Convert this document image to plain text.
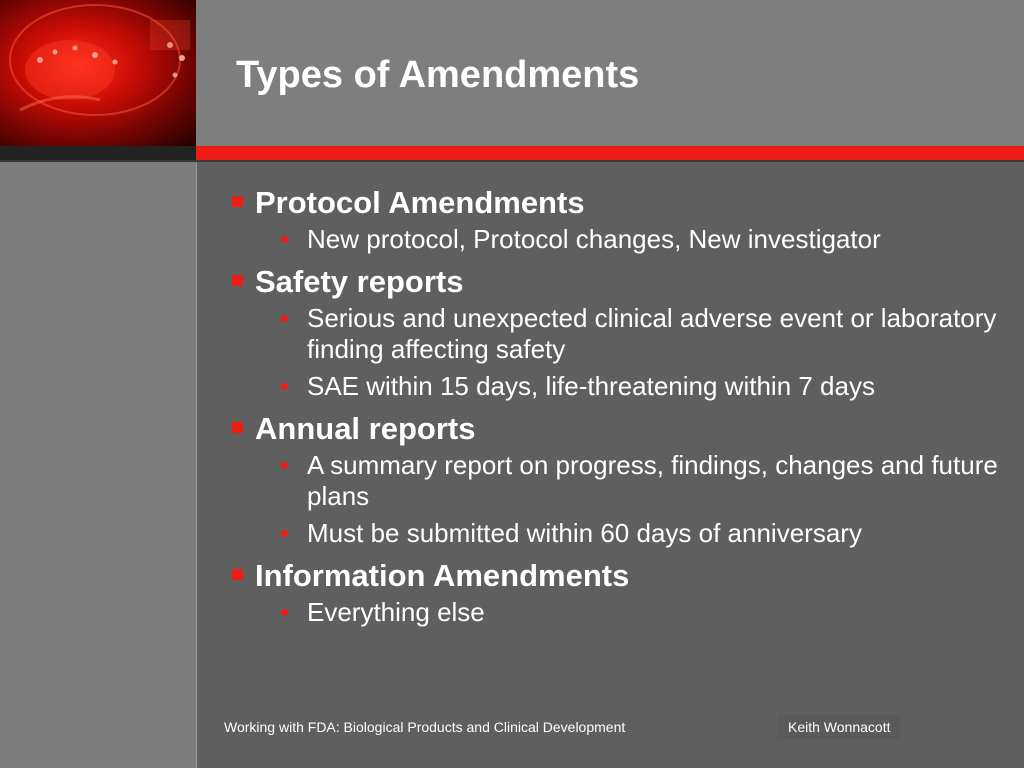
Types of Amendments
Protocol Amendments
New protocol, Protocol changes, New investigator
Safety reports
Serious and unexpected clinical adverse event or laboratory finding affecting safety
SAE within 15 days, life-threatening within 7 days
Annual reports
A summary report on progress, findings, changes and future plans
Must be submitted within 60 days of anniversary
Information Amendments
Everything else
Working with FDA: Biological Products and Clinical Development	Keith Wonnacott
